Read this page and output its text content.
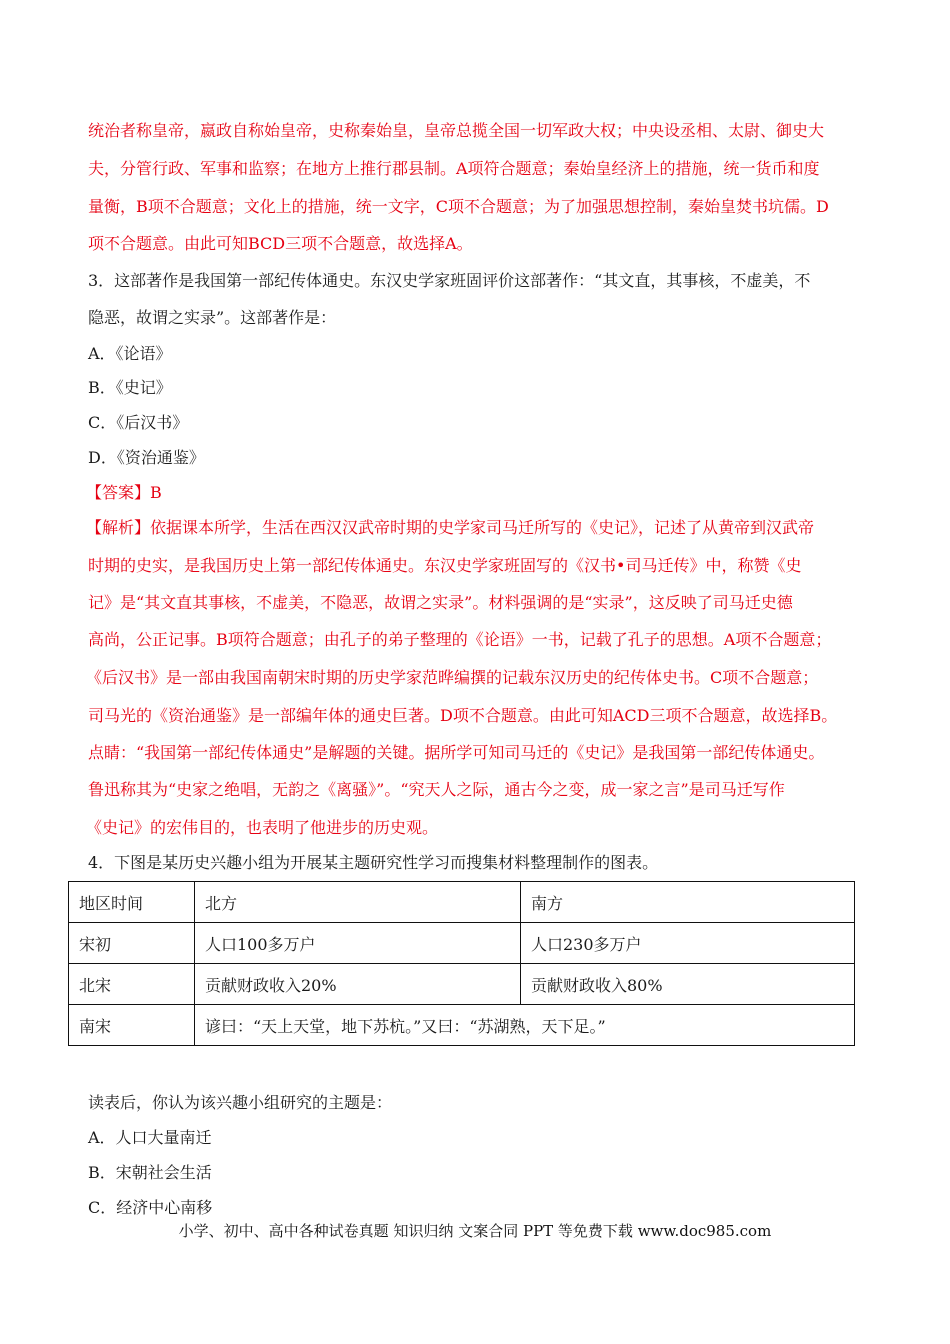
统治者称皇帝，嬴政自称始皇帝，史称秦始皇，皇帝总揽全国一切军政大权；中央设丞相、太尉、御史大
夫，分管行政、军事和监察；在地方上推行郡县制。A项符合题意；秦始皇经济上的措施，统一货币和度
量衡，B项不合题意；文化上的措施，统一文字，C项不合题意；为了加强思想控制，秦始皇焚书坑儒。D
项不合题意。由此可知BCD三项不合题意，故选择A。
3．这部著作是我国第一部纪传体通史。东汉史学家班固评价这部著作：“其文直，其事核，不虚美，不
隐恶，故谓之实录”。这部著作是：
A．《论语》
B．《史记》
C．《后汉书》
D．《资治通鉴》
【答案】B
【解析】依据课本所学，生活在西汉汉武帝时期的史学家司马迁所写的《史记》，记述了从黄帝到汉武帝
时期的史实，是我国历史上第一部纪传体通史。东汉史学家班固写的《汉书•司马迁传》中，称赞《史
记》是“其文直其事核，不虚美，不隐恶，故谓之实录”。材料强调的是“实录”，这反映了司马迁史德
高尚，公正记事。B项符合题意；由孔子的弟子整理的《论语》一书，记载了孔子的思想。A项不合题意；
《后汉书》是一部由我国南朝宋时期的历史学家范晔编撰的记载东汉历史的纪传体史书。C项不合题意；
司马光的《资治通鉴》是一部编年体的通史巨著。D项不合题意。由此可知ACD三项不合题意，故选择B。
点睛：“我国第一部纪传体通史”是解题的关键。据所学可知司马迁的《史记》是我国第一部纪传体通史。
鲁迅称其为“史家之绝唱，无韵之《离骚》”。“究天人之际，通古今之变，成一家之言”是司马迁写作
《史记》的宏伟目的，也表明了他进步的历史观。
4．下图是某历史兴趣小组为开展某主题研究性学习而搜集材料整理制作的图表。
地区时间	北方	南方
宋初	人口100多万户	人口230多万户
北宋	贡献财政收入20%	贡献财政收入80%
南宋	谚曰：“天上天堂，地下苏杭。”又曰：“苏湖熟，天下足。”	
读表后，你认为该兴趣小组研究的主题是：
A．人口大量南迁
B．宋朝社会生活
C．经济中心南移
小学、初中、高中各种试卷真题 知识归纳 文案合同 PPT 等免费下载 www.doc985.com
